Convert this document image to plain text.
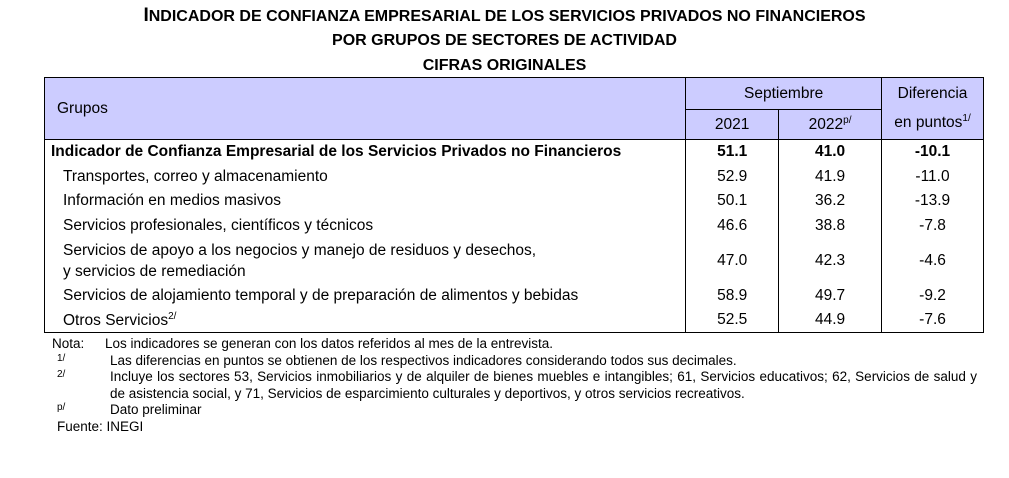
INDICADOR DE CONFIANZA EMPRESARIAL DE LOS SERVICIOS PRIVADOS NO FINANCIEROS
POR GRUPOS DE SECTORES DE ACTIVIDAD
CIFRAS ORIGINALES
Grupos	Septiembre		Diferencia
en puntos$^{1/}$

	2021	$2022^{p/}$
Indicador de Confianza Empresarial de los Servicios Privados no Financieros	51.1	41.0	-10.1
Transportes, correo y almacenamiento	52.9	41.9	-11.0
Información en medios masivos	50.1	36.2	-13.9
Servicios profesionales, científicos y técnicos	46.6	38.8	-7.8

Servicios de apoyo a los negocios y manejo de residuos y desechos,
y servicios de remediación	47.0	42.3	-4.6
Servicios de alojamiento temporal y de preparación de alimentos y bebidas	58.9	49.7	-9.2
Otros Servicios$^{2/}$	52.5	44.9	-7.6
Nota:	Los indicadores se generan con los datos referidos al mes de la entrevista.
$^{1/}$	Las diferencias en puntos se obtienen de los respectivos indicadores considerando todos sus decimales.
$^{2/}$	Incluye los sectores 53, Servicios inmobiliarios y de alquiler de bienes muebles e intangibles; 61, Servicios educativos; 62, Servicios de salud y de asistencia social, y 71, Servicios de esparcimiento culturales y deportivos, y otros servicios recreativos.
$^{p/}$	Dato preliminar
Fuente: INEGI
